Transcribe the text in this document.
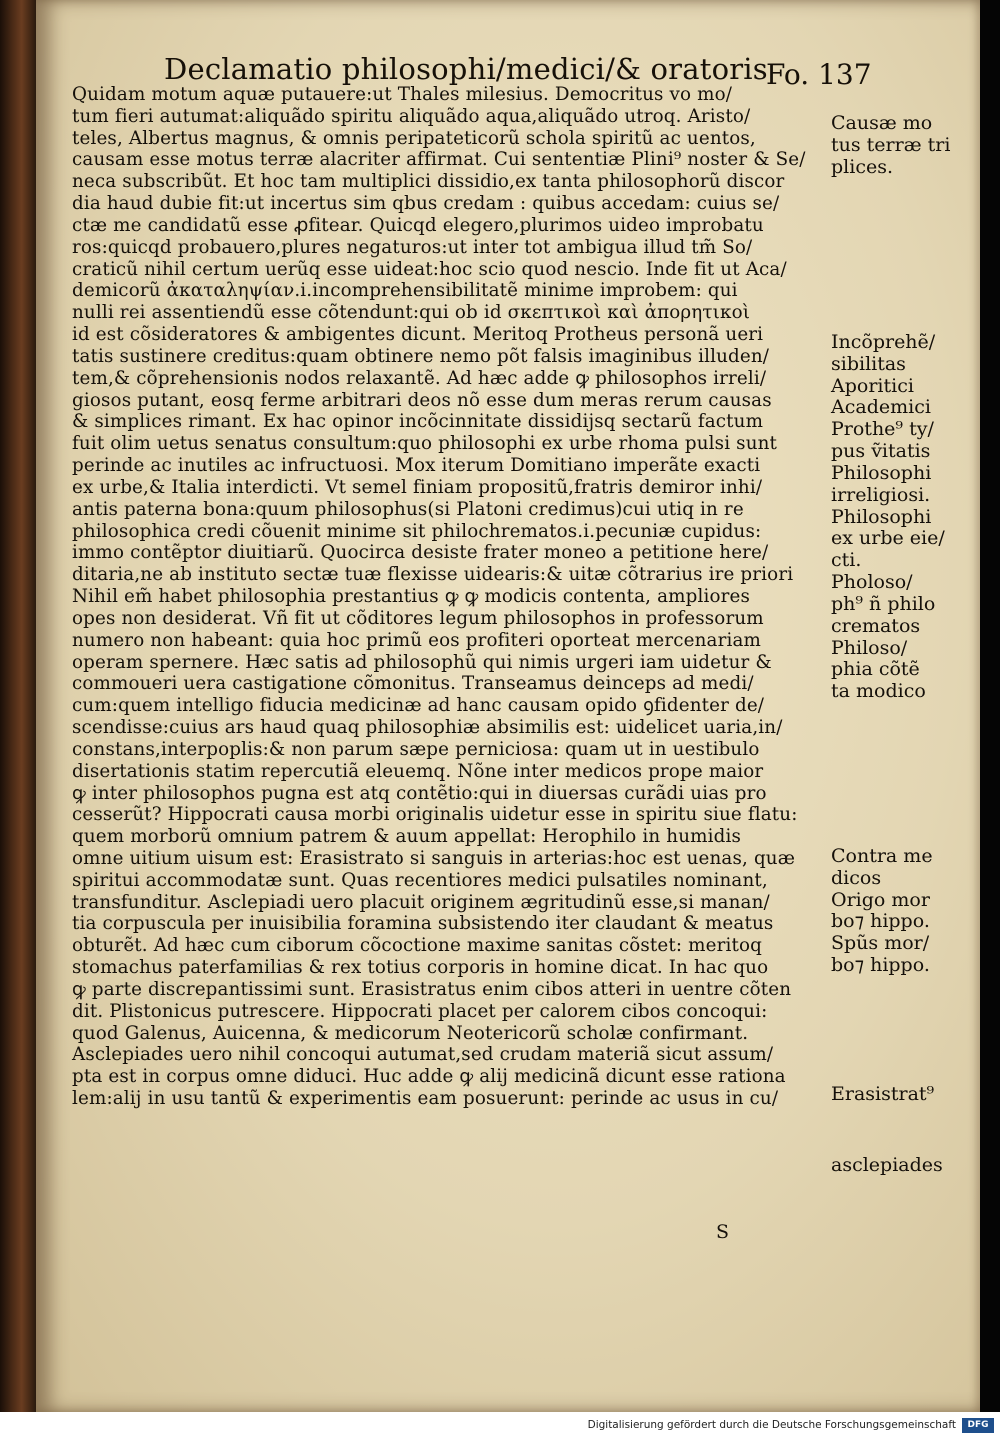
Declamatio philosophi/medici/& oratoris
Fo. 137
Quidam motum aquæ putauere:ut Thales milesius. Democritus vo mo/
tum fieri autumat:aliquãdo spiritu aliquãdo aqua,aliquãdo utroq. Aristo/
teles, Albertus magnus, & omnis peripateticorũ schola spiritũ ac uentos,
causam esse motus terræ alacriter affirmat. Cui sententiæ Plini⁹ noster & Se/
neca subscribũt. Et hoc tam multiplici dissidio,ex tanta philosophorũ discor
dia haud dubie fit:ut incertus sim qbus credam : quibus accedam: cuius se/
ctæ me candidatũ esse ꝓfitear. Quicqd elegero,plurimos uideo improbatu
ros:quicqd probauero,plures negaturos:ut inter tot ambigua illud tm̃ So/
craticũ nihil certum uerũq esse uideat:hoc scio quod nescio. Inde fit ut Aca/
demicorũ ἀκαταληψίαν.i.incomprehensibilitatẽ minime improbem: qui
nulli rei assentiendũ esse cõtendunt:qui ob id σκεπτικοὶ καὶ ἀπορητικοὶ
id est cõsideratores & ambigentes dicunt. Meritoq Protheus personã ueri
tatis sustinere creditus:quam obtinere nemo põt falsis imaginibus illuden/
tem,& cõprehensionis nodos relaxantẽ. Ad hæc adde ꝙ philosophos irreli/
giosos putant, eosq ferme arbitrari deos nõ esse dum meras rerum causas
& simplices rimant. Ex hac opinor incõcinnitate dissidijsq sectarũ factum
fuit olim uetus senatus consultum:quo philosophi ex urbe rhoma pulsi sunt
perinde ac inutiles ac infructuosi. Mox iterum Domitiano imperãte exacti
ex urbe,& Italia interdicti. Vt semel finiam propositũ,fratris demiror inhi/
antis paterna bona:quum philosophus(si Platoni credimus)cui utiq in re
philosophica credi cõuenit minime sit philochrematos.i.pecuniæ cupidus:
immo contẽptor diuitiarũ. Quocirca desiste frater moneo a petitione here/
ditaria,ne ab instituto sectæ tuæ flexisse uidearis:& uitæ cõtrarius ire priori
Nihil em̃ habet philosophia prestantius ꝙ ꝙ modicis contenta, ampliores
opes non desiderat. Vñ fit ut cõditores legum philosophos in professorum
numero non habeant: quia hoc primũ eos profiteri oporteat mercenariam
operam spernere. Hæc satis ad philosophũ qui nimis urgeri iam uidetur &
commoueri uera castigatione cõmonitus. Transeamus deinceps ad medi/
cum:quem intelligo fiducia medicinæ ad hanc causam opido ꝯfidenter de/
scendisse:cuius ars haud quaq philosophiæ absimilis est: uidelicet uaria,in/
constans,interpoplis:& non parum sæpe perniciosa: quam ut in uestibulo
disertationis statim repercutiã eleuemq. Nõne inter medicos prope maior
ꝙ inter philosophos pugna est atq contẽtio:qui in diuersas curãdi uias pro
cesserũt? Hippocrati causa morbi originalis uidetur esse in spiritu siue flatu:
quem morborũ omnium patrem & auum appellat: Herophilo in humidis
omne uitium uisum est: Erasistrato si sanguis in arterias:hoc est uenas, quæ
spiritui accommodatæ sunt. Quas recentiores medici pulsatiles nominant,
transfunditur. Asclepiadi uero placuit originem ægritudinũ esse,si manan/
tia corpuscula per inuisibilia foramina subsistendo iter claudant & meatus
obturẽt. Ad hæc cum ciborum cõcoctione maxime sanitas cõstet: meritoq
stomachus paterfamilias & rex totius corporis in homine dicat. In hac quo
ꝙ parte discrepantissimi sunt. Erasistratus enim cibos atteri in uentre cõten
dit. Plistonicus putrescere. Hippocrati placet per calorem cibos concoqui:
quod Galenus, Auicenna, & medicorum Neotericorũ scholæ confirmant.
Asclepiades uero nihil concoqui autumat,sed crudam materiã sicut assum/
pta est in corpus omne diduci. Huc adde ꝙ alij medicinã dicunt esse rationa
lem:alij in usu tantũ & experimentis eam posuerunt: perinde ac usus in cu/
S
Causæ mo
tus terræ tri
plices.
Incõprehẽ/
sibilitas
Aporitici
Academici
Prothe⁹ ty/
pus ṽitatis
Philosophi
irreligiosi.
Philosophi
ex urbe eie/
cti.
Pholoso/
ph⁹ ñ philo
crematos
Philoso/
phia cõtẽ
ta modico
Contra me
dicos
Origo mor
bo⁊ hippo.
Spũs mor/
bo⁊ hippo.
Erasistrat⁹
asclepiades
Digitalisierung gefördert durch die Deutsche Forschungsgemeinschaft	DFG
